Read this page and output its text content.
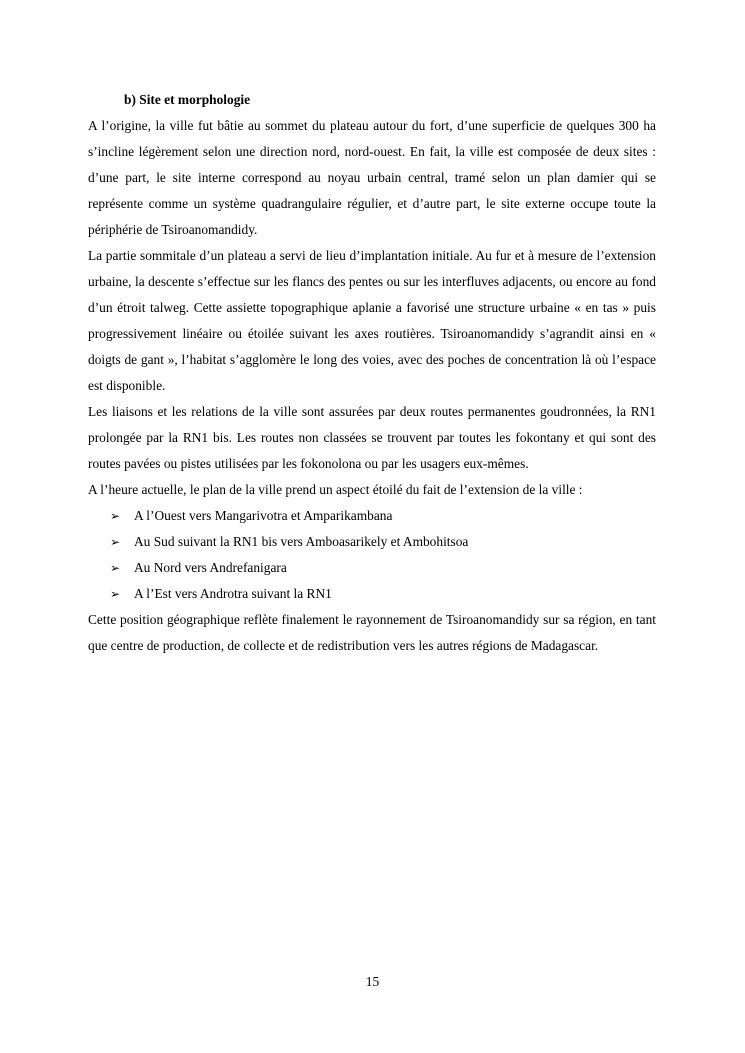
b) Site et morphologie

A l’origine, la ville fut bâtie au sommet du plateau autour du fort, d’une superficie de quelques 300 ha s’incline légèrement selon une direction nord, nord-ouest. En fait, la ville est composée de deux sites : d’une part, le site interne correspond au noyau urbain central, tramé selon un plan damier qui se représente comme un système quadrangulaire régulier, et d’autre part, le site externe occupe toute la périphérie de Tsiroanomandidy.

La partie sommitale d’un plateau a servi de lieu d’implantation initiale. Au fur et à mesure de l’extension urbaine, la descente s’effectue sur les flancs des pentes ou sur les interfluves adjacents, ou encore au fond d’un étroit talweg. Cette assiette topographique aplanie a favorisé une structure urbaine « en tas » puis progressivement linéaire ou étoilée suivant les axes routières. Tsiroanomandidy s’agrandit ainsi en « doigts de gant », l’habitat s’agglomère le long des voies, avec des poches de concentration là où l’espace est disponible.

Les liaisons et les relations de la ville sont assurées par deux routes permanentes goudronnées, la RN1 prolongée par la RN1 bis. Les routes non classées se trouvent par toutes les fokontany et qui sont des routes pavées ou pistes utilisées par les fokonolona ou par les usagers eux-mêmes.

A l’heure actuelle, le plan de la ville prend un aspect étoilé du fait de l’extension de la ville :

➢ A l’Ouest vers Mangarivotra et Amparikambana
➢ Au Sud suivant la RN1 bis vers Amboasarikely et Ambohitsoa
➢ Au Nord vers Andrefanigara
➢ A l’Est vers Androtra suivant la RN1

Cette position géographique reflète finalement le rayonnement de Tsiroanomandidy sur sa région, en tant que centre de production, de collecte et de redistribution vers les autres régions de Madagascar.

15
